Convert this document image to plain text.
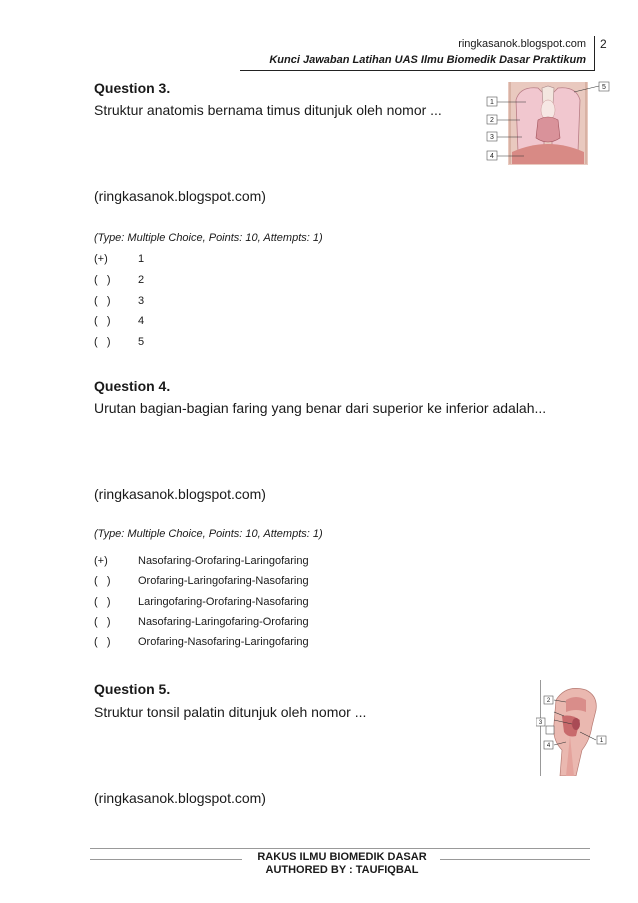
ringkasanok.blogspot.com
Kunci Jawaban Latihan UAS Ilmu Biomedik Dasar Praktikum
2
Question 3.
Struktur anatomis bernama timus ditunjuk oleh nomor ...	1
2
3
4
5
(ringkasanok.blogspot.com)
(Type: Multiple Choice, Points: 10, Attempts: 1)
(+)	1
(   )	2
(   )	3
(   )	4
(   )	5
Question 4.
Urutan bagian-bagian faring yang benar dari superior ke inferior adalah...
(ringkasanok.blogspot.com)
(Type: Multiple Choice, Points: 10, Attempts: 1)
(+)	Nasofaring-Orofaring-Laringofaring
(   )	Orofaring-Laringofaring-Nasofaring
(   )	Laringofaring-Orofaring-Nasofaring
(   )	Nasofaring-Laringofaring-Orofaring
(   )	Orofaring-Nasofaring-Laringofaring
Question 5.
Struktur tonsil palatin ditunjuk oleh nomor ...
2
3
1
4
(ringkasanok.blogspot.com)
RAKUS ILMU BIOMEDIK DASAR
AUTHORED BY : TAUFIQBAL
